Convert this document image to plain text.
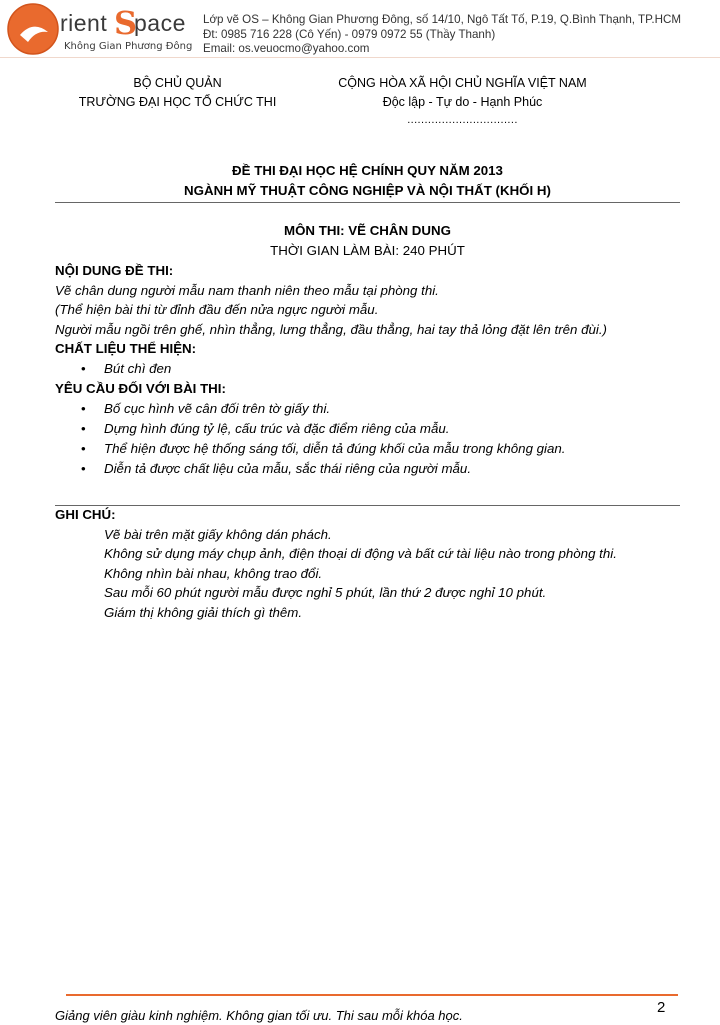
rient S
pace
Không Gian Phương Đông
Lớp vẽ OS – Không Gian Phương Đông, số 14/10, Ngô Tất Tố, P.19, Q.Bình Thạnh, TP.HCM
Đt: 0985 716 228 (Cô Yến) - 0979 0972 55 (Thầy Thanh)
Email: os.veuocmo@yahoo.com
BỘ CHỦ QUẢN
TRƯỜNG ĐẠI HỌC TỔ CHỨC THI
CỘNG HÒA XÃ HỘI CHỦ NGHĨA VIỆT NAM
Độc lập - Tự do - Hạnh Phúc
................................
ĐỀ THI ĐẠI HỌC HỆ CHÍNH QUY NĂM 2013
NGÀNH MỸ THUẬT CÔNG NGHIỆP VÀ NỘI THẤT (KHỐI H)
MÔN THI: VẼ CHÂN DUNG
THỜI GIAN LÀM BÀI: 240 PHÚT
NỘI DUNG ĐỀ THI:
Vẽ chân dung người mẫu nam thanh niên theo mẫu tại phòng thi.
(Thể hiện bài thi từ đỉnh đầu đến nửa ngực người mẫu.
Người mẫu ngồi trên ghế, nhìn thẳng, lưng thẳng, đầu thẳng, hai tay thả lỏng đặt lên trên đùi.)
CHẤT LIỆU THỂ HIỆN:
• Bút chì đen
YÊU CẦU ĐỐI VỚI BÀI THI:
• Bố cục hình vẽ cân đối trên tờ giấy thi.
• Dựng hình đúng tỷ lệ, cấu trúc và đặc điểm riêng của mẫu.
• Thể hiện được hệ thống sáng tối, diễn tả đúng khối của mẫu trong không gian.
• Diễn tả được chất liệu của mẫu, sắc thái riêng của người mẫu.
GHI CHÚ:
Vẽ bài trên mặt giấy không dán phách.
Không sử dụng máy chụp ảnh, điện thoại di động và bất cứ tài liệu nào trong phòng thi.
Không nhìn bài nhau, không trao đổi.
Sau mỗi 60 phút người mẫu được nghỉ 5 phút, lần thứ 2 được nghỉ 10 phút.
Giám thị không giải thích gì thêm.
2
Giảng viên giàu kinh nghiệm. Không gian tối ưu. Thi sau mỗi khóa học.
